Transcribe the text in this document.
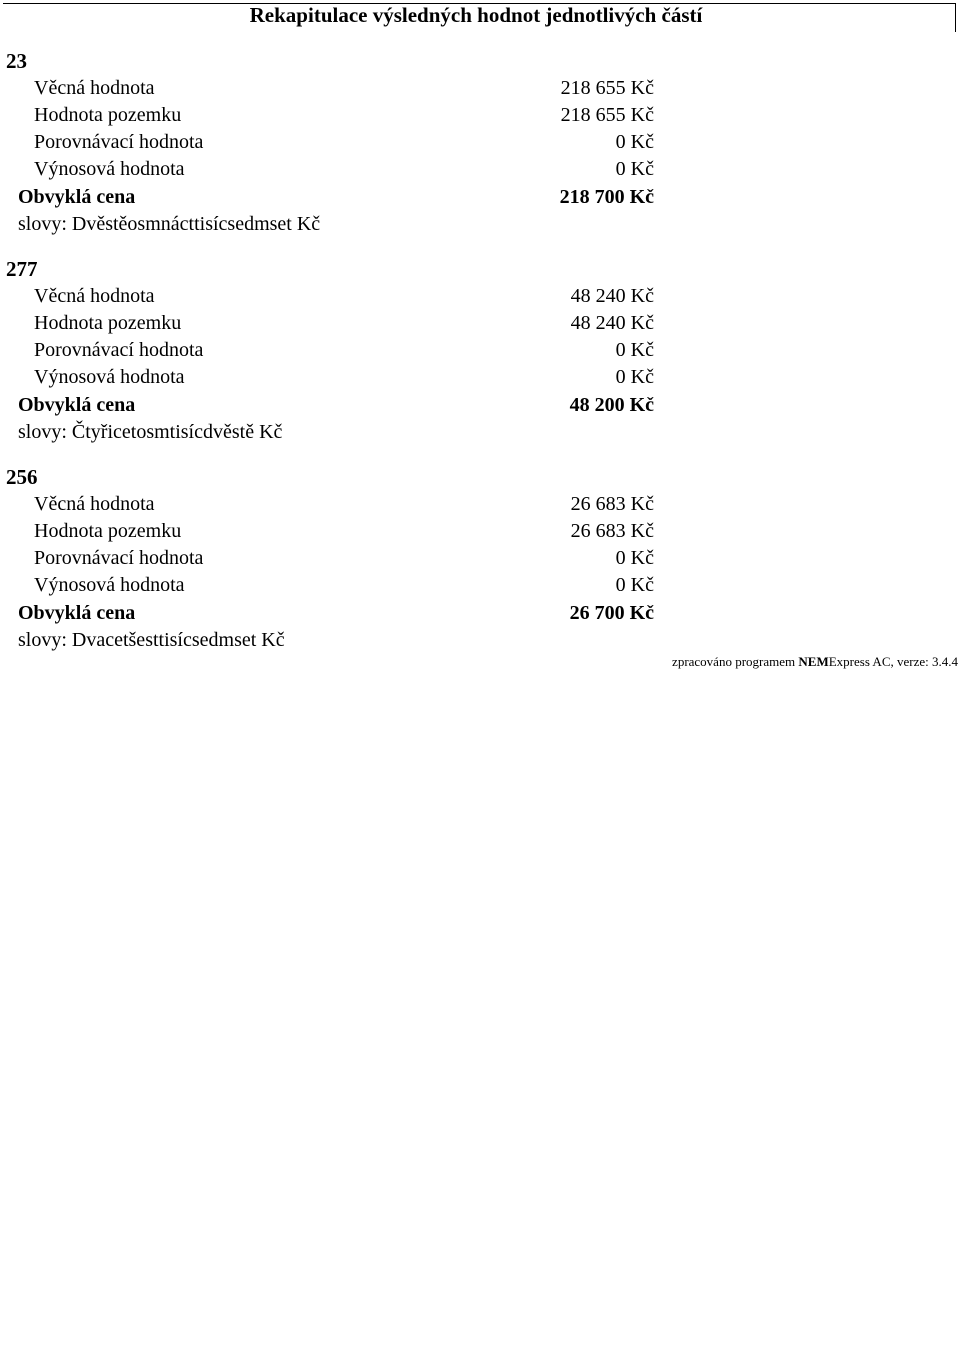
Rekapitulace výsledných hodnot jednotlivých částí
23
Věcná hodnota	218 655 Kč
Hodnota pozemku	218 655 Kč
Porovnávací hodnota	0 Kč
Výnosová hodnota	0 Kč
Obvyklá cena	218 700 Kč
slovy: Dvěstěosmnácttisícsedmset Kč
277
Věcná hodnota	48 240 Kč
Hodnota pozemku	48 240 Kč
Porovnávací hodnota	0 Kč
Výnosová hodnota	0 Kč
Obvyklá cena	48 200 Kč
slovy: Čtyřicetosmtisícdvěstě Kč
256
Věcná hodnota	26 683 Kč
Hodnota pozemku	26 683 Kč
Porovnávací hodnota	0 Kč
Výnosová hodnota	0 Kč
Obvyklá cena	26 700 Kč
slovy: Dvacetšesttisícsedmset Kč
zpracováno programem NEMExpress AC, verze: 3.4.4
